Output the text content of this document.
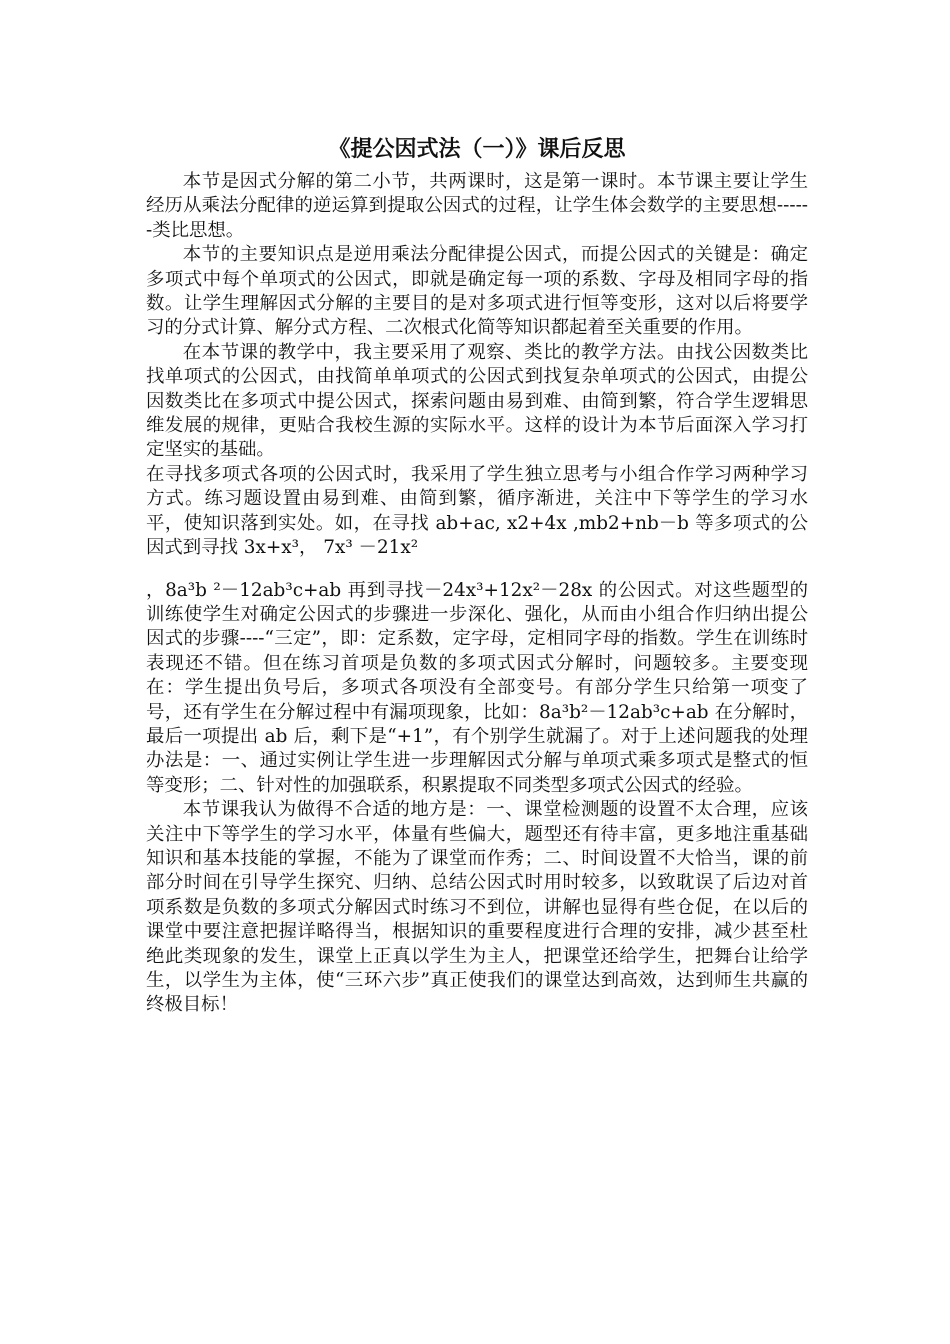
《提公因式法（一）》课后反思

本节是因式分解的第二小节，共两课时，这是第一课时。本节课主要让学生经历从乘法分配律的逆运算到提取公因式的过程，让学生体会数学的主要思想------类比思想。

本节的主要知识点是逆用乘法分配律提公因式，而提公因式的关键是：确定多项式中每个单项式的公因式，即就是确定每一项的系数、字母及相同字母的指数。让学生理解因式分解的主要目的是对多项式进行恒等变形，这对以后将要学习的分式计算、解分式方程、二次根式化简等知识都起着至关重要的作用。

在本节课的教学中，我主要采用了观察、类比的教学方法。由找公因数类比找单项式的公因式，由找简单单项式的公因式到找复杂单项式的公因式，由提公因数类比在多项式中提公因式，探索问题由易到难、由简到繁，符合学生逻辑思维发展的规律，更贴合我校生源的实际水平。这样的设计为本节后面深入学习打定坚实的基础。

在寻找多项式各项的公因式时，我采用了学生独立思考与小组合作学习两种学习方式。练习题设置由易到难、由简到繁，循序渐进，关注中下等学生的学习水平，使知识落到实处。如，在寻找 ab+ac, x2+4x ,mb2+nb－b 等多项式的公因式到寻找 3x+x³， 7x³ －21x²

，8a³b ²－12ab³c+ab 再到寻找－24x³+12x²－28x 的公因式。对这些题型的训练使学生对确定公因式的步骤进一步深化、强化，从而由小组合作归纳出提公因式的步骤----“三定”，即：定系数，定字母，定相同字母的指数。学生在训练时表现还不错。但在练习首项是负数的多项式因式分解时，问题较多。主要变现在：学生提出负号后，多项式各项没有全部变号。有部分学生只给第一项变了号，还有学生在分解过程中有漏项现象，比如：8a³b²－12ab³c+ab 在分解时，最后一项提出 ab 后，剩下是“+1”，有个别学生就漏了。对于上述问题我的处理办法是：一、通过实例让学生进一步理解因式分解与单项式乘多项式是整式的恒等变形；二、针对性的加强联系，积累提取不同类型多项式公因式的经验。

本节课我认为做得不合适的地方是：一、课堂检测题的设置不太合理，应该关注中下等学生的学习水平，体量有些偏大，题型还有待丰富，更多地注重基础知识和基本技能的掌握，不能为了课堂而作秀；二、时间设置不大恰当，课的前部分时间在引导学生探究、归纳、总结公因式时用时较多，以致耽误了后边对首项系数是负数的多项式分解因式时练习不到位，讲解也显得有些仓促，在以后的课堂中要注意把握详略得当，根据知识的重要程度进行合理的安排，减少甚至杜绝此类现象的发生，课堂上正真以学生为主人，把课堂还给学生，把舞台让给学生，以学生为主体，使“三环六步”真正使我们的课堂达到高效，达到师生共赢的终极目标！
